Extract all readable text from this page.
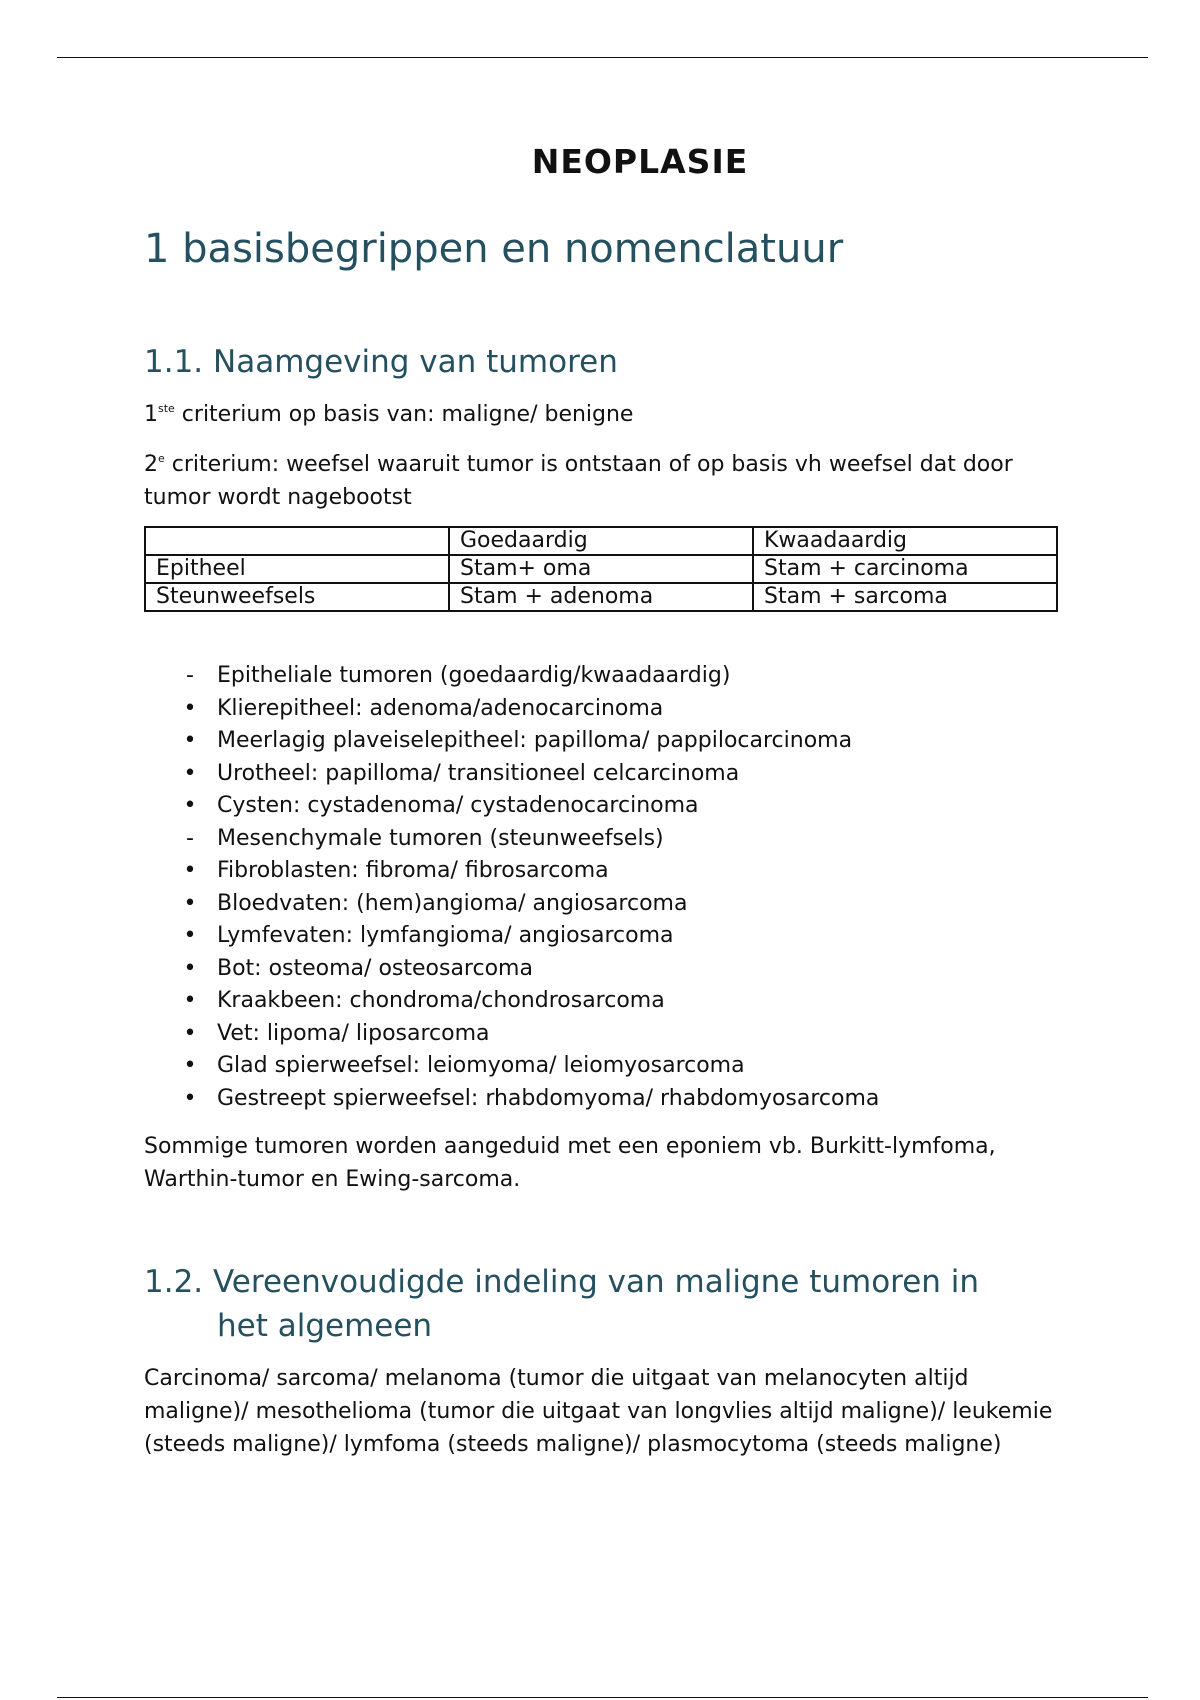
NEOPLASIE
1 basisbegrippen en nomenclatuur
1.1. Naamgeving van tumoren
1ste criterium op basis van: maligne/ benigne
2e criterium: weefsel waaruit tumor is ontstaan of op basis vh weefsel dat door tumor wordt nagebootst
	Goedaardig	Kwaadaardig
Epitheel	Stam+ oma	Stam + carcinoma
Steunweefsels	Stam + adenoma	Stam + sarcoma
- Epitheliale tumoren (goedaardig/kwaadaardig)
• Klierepitheel: adenoma/adenocarcinoma
• Meerlagig plaveiselepitheel: papilloma/ pappilocarcinoma
• Urotheel: papilloma/ transitioneel celcarcinoma
• Cysten: cystadenoma/ cystadenocarcinoma
- Mesenchymale tumoren (steunweefsels)
• Fibroblasten: fibroma/ fibrosarcoma
• Bloedvaten: (hem)angioma/ angiosarcoma
• Lymfevaten: lymfangioma/ angiosarcoma
• Bot: osteoma/ osteosarcoma
• Kraakbeen: chondroma/chondrosarcoma
• Vet: lipoma/ liposarcoma
• Glad spierweefsel: leiomyoma/ leiomyosarcoma
• Gestreept spierweefsel: rhabdomyoma/ rhabdomyosarcoma
Sommige tumoren worden aangeduid met een eponiem vb. Burkitt-lymfoma, Warthin-tumor en Ewing-sarcoma.
1.2. Vereenvoudigde indeling van maligne tumoren in
het algemeen
Carcinoma/ sarcoma/ melanoma (tumor die uitgaat van melanocyten altijd maligne)/ mesothelioma (tumor die uitgaat van longvlies altijd maligne)/ leukemie (steeds maligne)/ lymfoma (steeds maligne)/ plasmocytoma (steeds maligne)
